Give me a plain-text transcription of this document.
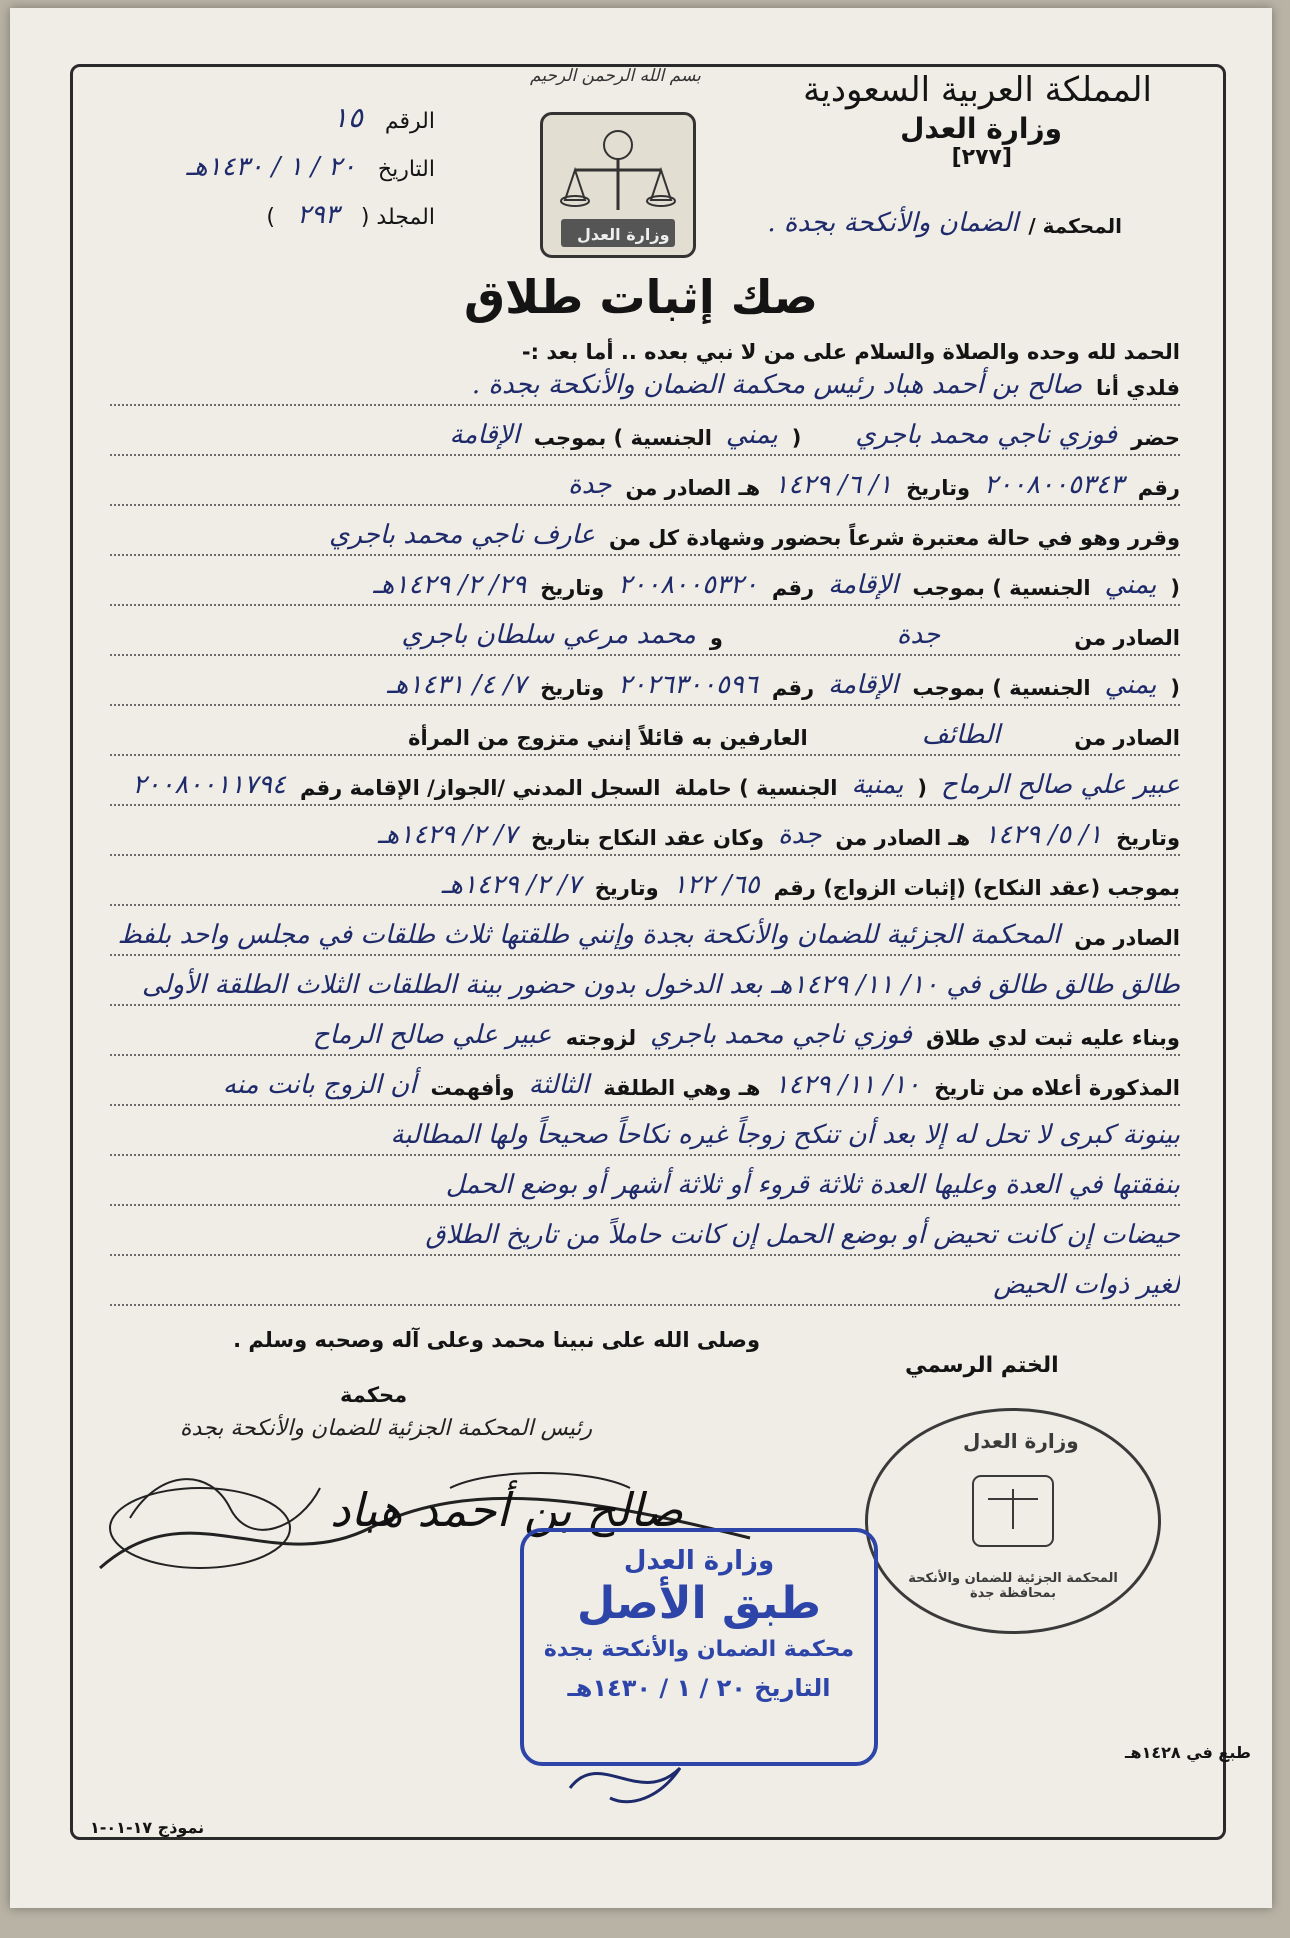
المملكة العربية السعودية
وزارة العدل
[٢٧٧]
المحكمة /
الضمان والأنكحة بجدة .
بسم الله الرحمن الرحيم
وزارة العدل
الرقم
١٥
التاريخ
٢٠ / ١ / ١٤٣٠هـ
المجلد (
٢٩٣
)
صك إثبات طلاق
الحمد لله وحده والصلاة والسلام على من لا نبي بعده .. أما بعد :-
فلدي أنا
صالح بن أحمد هباد رئيس محكمة الضمان والأنكحة بجدة .
حضر
فوزي ناجي محمد باجري
(
يمني
الجنسية ) بموجب
الإقامة
رقم
٢٠٠٨٠٠٥٣٤٣
وتاريخ
١/ ٦/ ١٤٢٩
هـ الصادر من
جدة
وقرر وهو في حالة معتبرة شرعاً بحضور وشهادة كل من
عارف ناجي محمد باجري
(
يمني
الجنسية ) بموجب
الإقامة
رقم
٢٠٠٨٠٠٥٣٢٠
وتاريخ
٢٩/ ٢/ ١٤٢٩هـ
الصادر من
جدة
و
محمد مرعي سلطان باجري
(
يمني
الجنسية ) بموجب
الإقامة
رقم
٢٠٢٦٣٠٠٥٩٦
وتاريخ
٧/ ٤/ ١٤٣١هـ
الصادر من
الطائف
العارفين به قائلاً إنني متزوج من المرأة
عبير علي صالح الرماح
(
يمنية
الجنسية ) حاملة
السجل المدني /الجواز/ الإقامة رقم
٢٠٠٨٠٠١١٧٩٤
وتاريخ
١/ ٥/ ١٤٢٩
هـ الصادر من
جدة
وكان عقد النكاح بتاريخ
٧/ ٢/ ١٤٢٩هـ
بموجب (عقد النكاح) (إثبات الزواج) رقم
٦٥/ ١٢٢
وتاريخ
٧/ ٢/ ١٤٢٩هـ
الصادر من
المحكمة الجزئية للضمان والأنكحة بجدة وإنني طلقتها ثلاث طلقات في مجلس واحد بلفظ
طالق طالق طالق في ١٠/ ١١/ ١٤٢٩هـ بعد الدخول بدون حضور بينة الطلقات الثلاث الطلقة الأولى
وبناء عليه ثبت لدي طلاق
فوزي ناجي محمد باجري
لزوجته
عبير علي صالح الرماح
المذكورة أعلاه من تاريخ
١٠/ ١١/ ١٤٢٩
هـ وهي الطلقة
الثالثة
وأفهمت
أن الزوج بانت منه
بينونة كبرى لا تحل له إلا بعد أن تنكح زوجاً غيره نكاحاً صحيحاً ولها المطالبة
بنفقتها في العدة وعليها العدة ثلاثة قروء أو ثلاثة أشهر أو بوضع الحمل
حيضات إن كانت تحيض أو بوضع الحمل إن كانت حاملاً من تاريخ الطلاق
لغير ذوات الحيض
وصلى الله على نبينا محمد وعلى آله وصحبه وسلم .
الختم الرسمي
محكمة
رئيس المحكمة الجزئية للضمان والأنكحة بجدة
صالح بن أحمد هباد
وزارة العدل
المحكمة الجزئية للضمان والأنكحة بمحافظة جدة
وزارة العدل
طبق الأصل
محكمة الضمان والأنكحة بجدة
التاريخ ٢٠ / ١ / ١٤٣٠هـ
طبع في ١٤٢٨هـ
نموذج ١٧-٠١-١
